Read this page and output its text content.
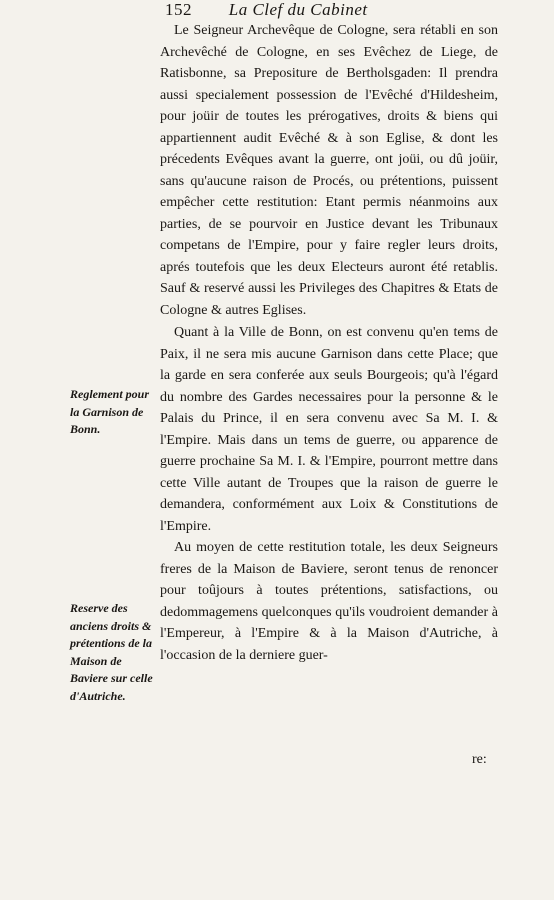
152 La Clef du Cabinet
Reglement pour la Garnison de Bonn.
Reserve des anciens droits & prétentions de la Maison de Baviere sur celle d'Autriche.

Le Seigneur Archevêque de Cologne, sera rétabli en son Archevêché de Cologne, en ses Evêchez de Liege, de Ratisbonne, sa Prepositure de Bertholsgaden: Il prendra aussi specialement possession de l'Evêché d'Hildesheim, pour joüir de toutes les prérogatives, droits & biens qui appartiennent audit Evêché & à son Eglise, & dont les précedents Evêques avant la guerre, ont joüi, ou dû joüir, sans qu'aucune raison de Procés, ou prétentions, puissent empêcher cette restitution: Etant permis néanmoins aux parties, de se pourvoir en Justice devant les Tribunaux competans de l'Empire, pour y faire regler leurs droits, aprés toutefois que les deux Electeurs auront été retablis. Sauf & reservé aussi les Privileges des Chapitres & Etats de Cologne & autres Eglises.

Quant à la Ville de Bonn, on est convenu qu'en tems de Paix, il ne sera mis aucune Garnison dans cette Place; que la garde en sera conferée aux seuls Bourgeois; qu'à l'égard du nombre des Gardes necessaires pour la personne & le Palais du Prince, il en sera convenu avec Sa M. I. & l'Empire. Mais dans un tems de guerre, ou apparence de guerre prochaine Sa M. I. & l'Empire, pourront mettre dans cette Ville autant de Troupes que la raison de guerre le demandera, conformément aux Loix & Constitutions de l'Empire.

Au moyen de cette restitution totale, les deux Seigneurs freres de la Maison de Baviere, seront tenus de renoncer pour toûjours à toutes prétentions, satisfactions, ou dedommagemens quelconques qu'ils voudroient demander à l'Empereur, à l'Empire & à la Maison d'Autriche, à l'occasion de la derniere guer-

re:
